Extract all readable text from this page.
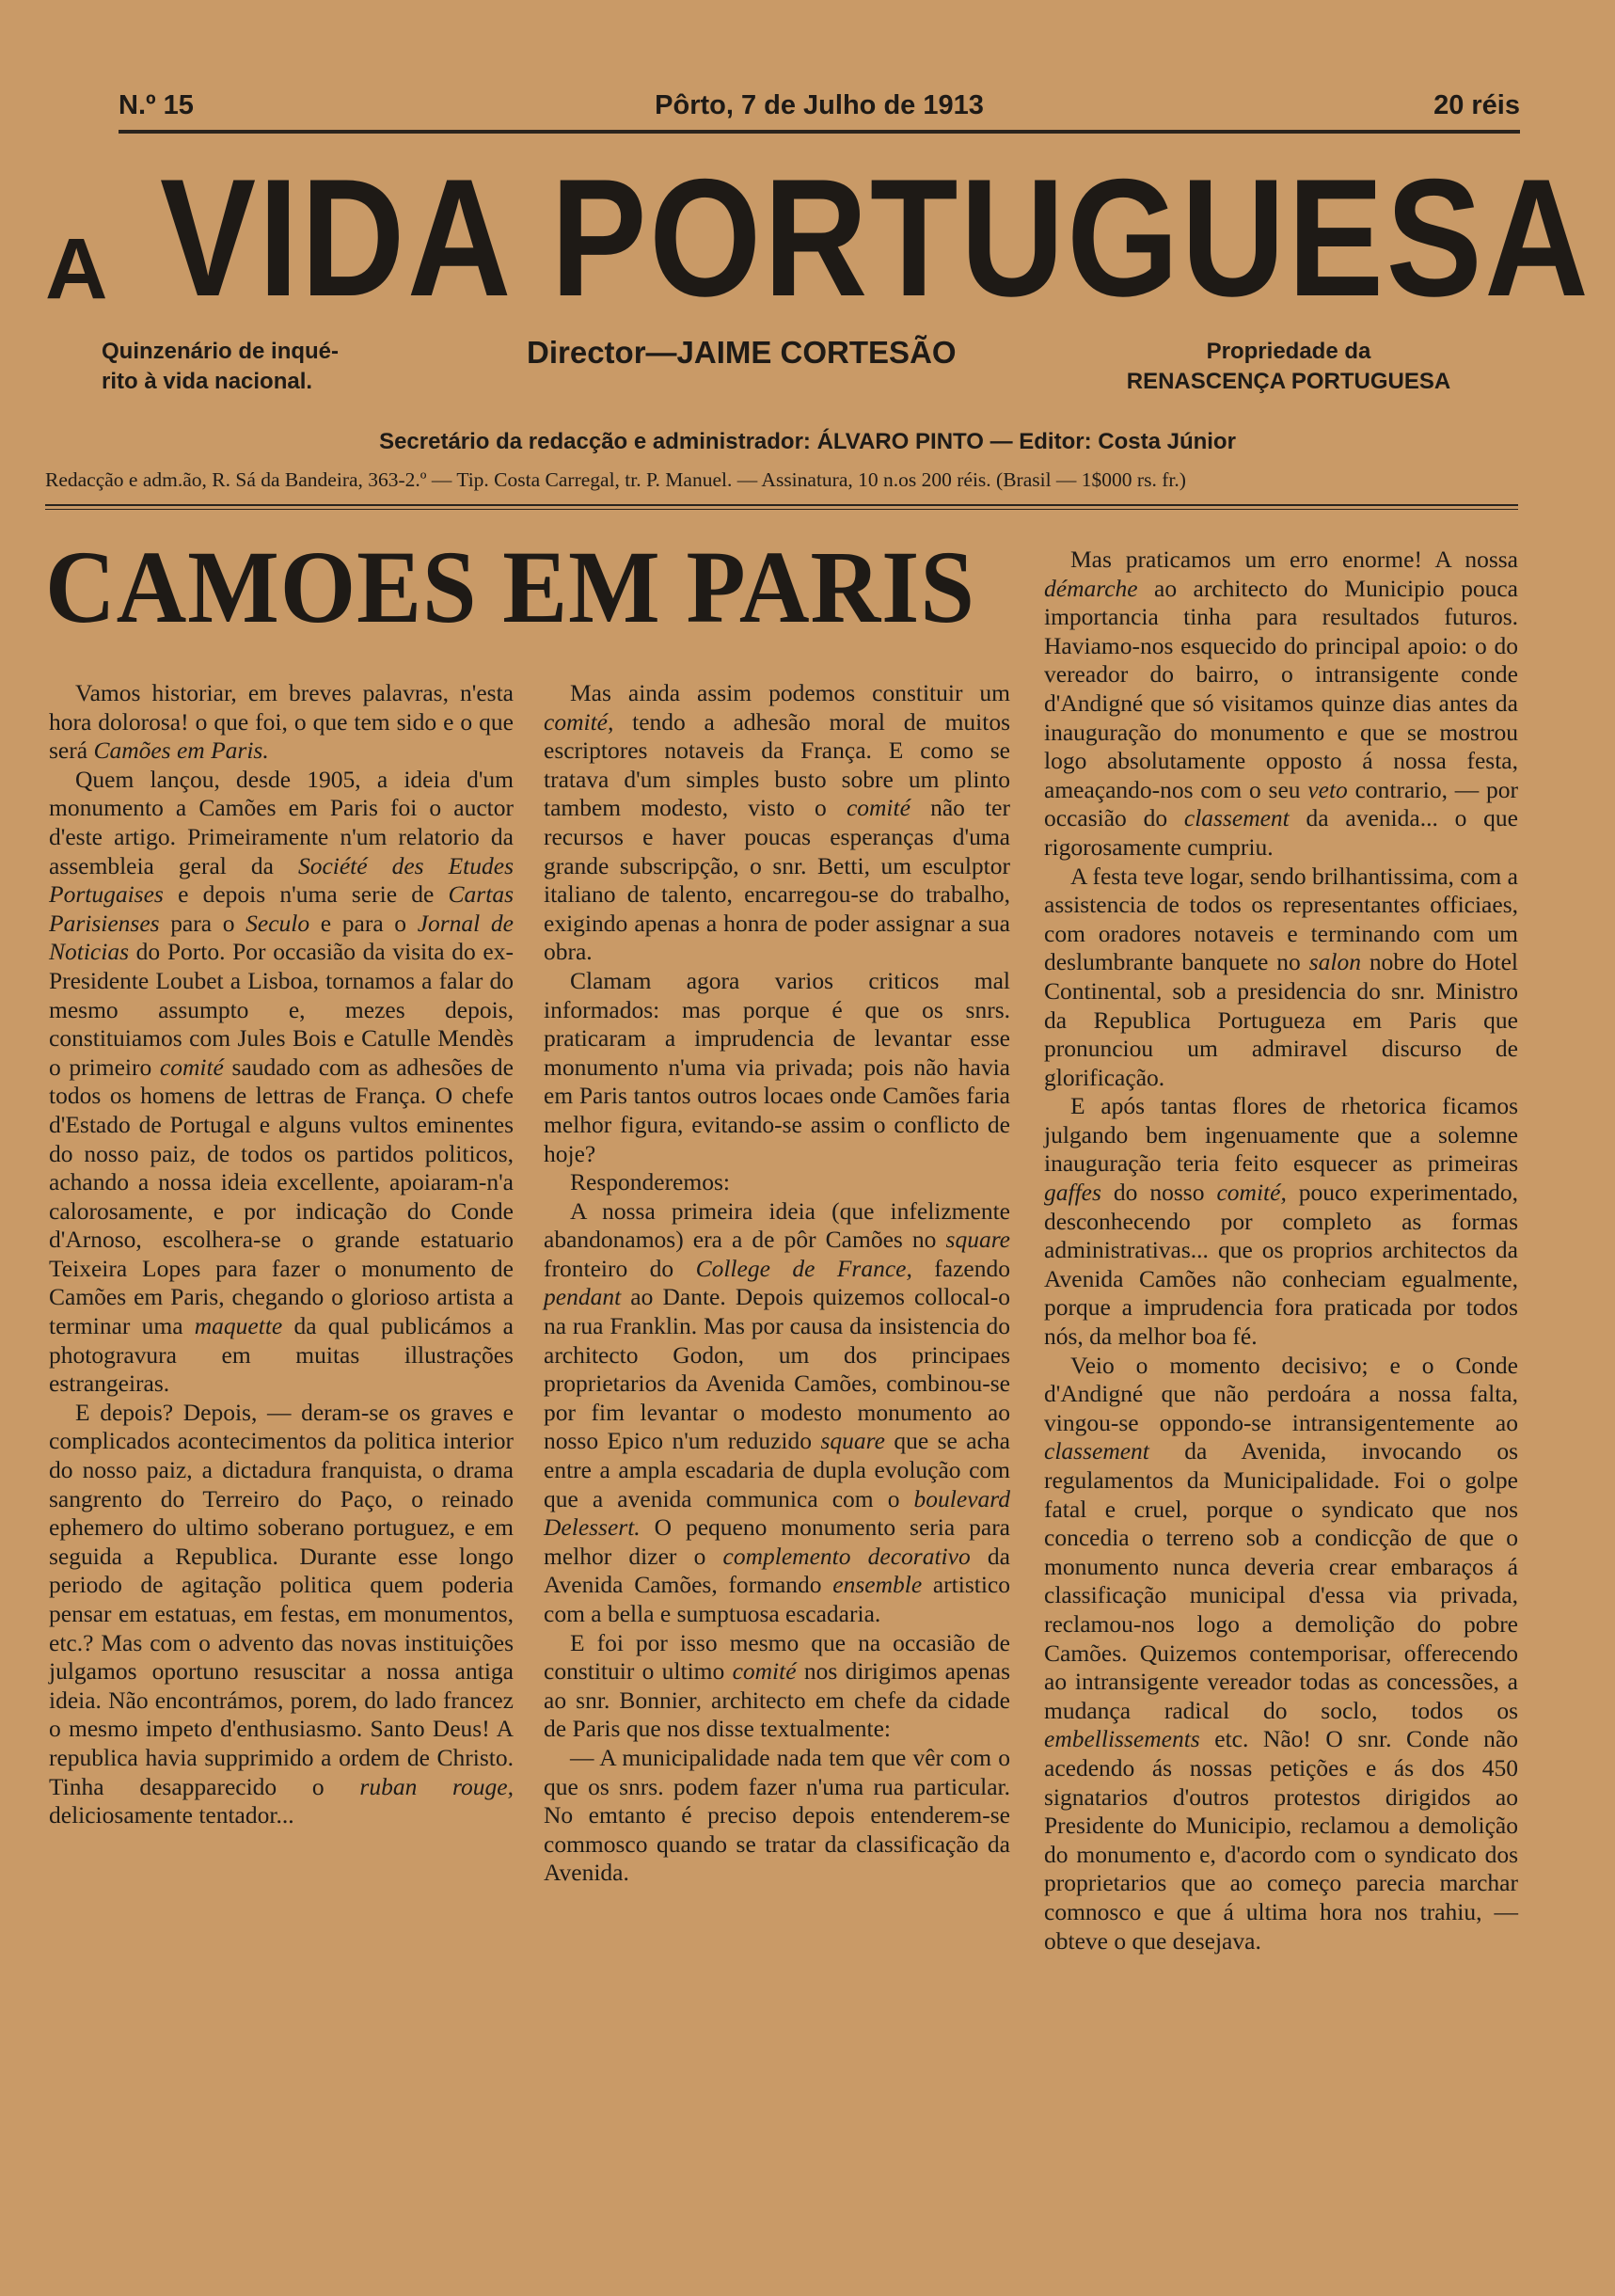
Pôrto, 7 de Julho de 1913
N.º 15	20 réis
A VIDA PORTUGUESA
Quinzenário de inqué-
rito à vida nacional.
Director—JAIME CORTESÃO	Propriedade da
RENASCENÇA PORTUGUESA
Secretário da redacção e administrador: ÁLVARO PINTO — Editor: Costa Júnior
Redacção e adm.ão, R. Sá da Bandeira, 363-2.º — Tip. Costa Carregal, tr. P. Manuel. — Assinatura, 10 n.os 200 réis. (Brasil — 1$000 rs. fr.)
CAMOES EM PARIS

Vamos historiar, em breves palavras, n'esta hora dolorosa! o que foi, o que tem sido e o que será Camões em Paris.

Quem lançou, desde 1905, a ideia d'um monumento a Camões em Paris foi o auctor d'este artigo. Primeiramente n'um relatorio da assembleia geral da Société des Etudes Portugaises e depois n'uma serie de Cartas Parisienses para o Seculo e para o Jornal de Noticias do Porto. Por occasião da visita do ex-Presidente Loubet a Lisboa, tornamos a falar do mesmo assumpto e, mezes depois, constituiamos com Jules Bois e Catulle Mendès o primeiro comité saudado com as adhesões de todos os homens de lettras de França. O chefe d'Estado de Portugal e alguns vultos eminentes do nosso paiz, de todos os partidos politicos, achando a nossa ideia excellente, apoiaram-n'a calorosamente, e por indicação do Conde d'Arnoso, escolhera-se o grande estatuario Teixeira Lopes para fazer o monumento de Camões em Paris, chegando o glorioso artista a terminar uma maquette da qual publicámos a photogravura em muitas illustrações estrangeiras.

E depois? Depois, — deram-se os graves e complicados acontecimentos da politica interior do nosso paiz, a dictadura franquista, o drama sangrento do Terreiro do Paço, o reinado ephemero do ultimo soberano portuguez, e em seguida a Republica. Durante esse longo periodo de agitação politica quem poderia pensar em estatuas, em festas, em monumentos, etc.? Mas com o advento das novas instituições julgamos oportuno resuscitar a nossa antiga ideia. Não encontrámos, porem, do lado francez o mesmo impeto d'enthusiasmo. Santo Deus! A republica havia supprimido a ordem de Christo. Tinha desapparecido o ruban rouge, deliciosamente tentador...

Mas ainda assim podemos constituir um comité, tendo a adhesão moral de muitos escriptores notaveis da França. E como se tratava d'um simples busto sobre um plinto tambem modesto, visto o comité não ter recursos e haver poucas esperanças d'uma grande subscripção, o snr. Betti, um esculptor italiano de talento, encarregou-se do trabalho, exigindo apenas a honra de poder assignar a sua obra.

Clamam agora varios criticos mal informados: mas porque é que os snrs. praticaram a imprudencia de levantar esse monumento n'uma via privada; pois não havia em Paris tantos outros locaes onde Camões faria melhor figura, evitando-se assim o conflicto de hoje?

Responderemos:

A nossa primeira ideia (que infelizmente abandonamos) era a de pôr Camões no square fronteiro do College de France, fazendo pendant ao Dante. Depois quizemos collocal-o na rua Franklin. Mas por causa da insistencia do architecto Godon, um dos principaes proprietarios da Avenida Camões, combinou-se por fim levantar o modesto monumento ao nosso Epico n'um reduzido square que se acha entre a ampla escadaria de dupla evolução com que a avenida communica com o boulevard Delessert. O pequeno monumento seria para melhor dizer o complemento decorativo da Avenida Camões, formando ensemble artistico com a bella e sumptuosa escadaria.

E foi por isso mesmo que na occasião de constituir o ultimo comité nos dirigimos apenas ao snr. Bonnier, architecto em chefe da cidade de Paris que nos disse textualmente:

— A municipalidade nada tem que vêr com o que os snrs. podem fazer n'uma rua particular. No emtanto é preciso depois entenderem-se commosco quando se tratar da classificação da Avenida.

Mas praticamos um erro enorme! A nossa démarche ao architecto do Municipio pouca importancia tinha para resultados futuros. Haviamo-nos esquecido do principal apoio: o do vereador do bairro, o intransigente conde d'Andigné que só visitamos quinze dias antes da inauguração do monumento e que se mostrou logo absolutamente opposto á nossa festa, ameaçando-nos com o seu veto contrario, — por occasião do classement da avenida... o que rigorosamente cumpriu.

A festa teve logar, sendo brilhantissima, com a assistencia de todos os representantes officiaes, com oradores notaveis e terminando com um deslumbrante banquete no salon nobre do Hotel Continental, sob a presidencia do snr. Ministro da Republica Portugueza em Paris que pronunciou um admiravel discurso de glorificação.

E após tantas flores de rhetorica ficamos julgando bem ingenuamente que a solemne inauguração teria feito esquecer as primeiras gaffes do nosso comité, pouco experimentado, desconhecendo por completo as formas administrativas... que os proprios architectos da Avenida Camões não conheciam egualmente, porque a imprudencia fora praticada por todos nós, da melhor boa fé.

Veio o momento decisivo; e o Conde d'Andigné que não perdoára a nossa falta, vingou-se oppondo-se intransigentemente ao classement da Avenida, invocando os regulamentos da Municipalidade. Foi o golpe fatal e cruel, porque o syndicato que nos concedia o terreno sob a condicção de que o monumento nunca deveria crear embaraços á classificação municipal d'essa via privada, reclamou-nos logo a demolição do pobre Camões. Quizemos contemporisar, offerecendo ao intransigente vereador todas as concessões, a mudança radical do soclo, todos os embellissements etc. Não! O snr. Conde não acedendo ás nossas petições e ás dos 450 signatarios d'outros protestos dirigidos ao Presidente do Municipio, reclamou a demolição do monumento e, d'acordo com o syndicato dos proprietarios que ao começo parecia marchar comnosco e que á ultima hora nos trahiu, — obteve o que desejava.
